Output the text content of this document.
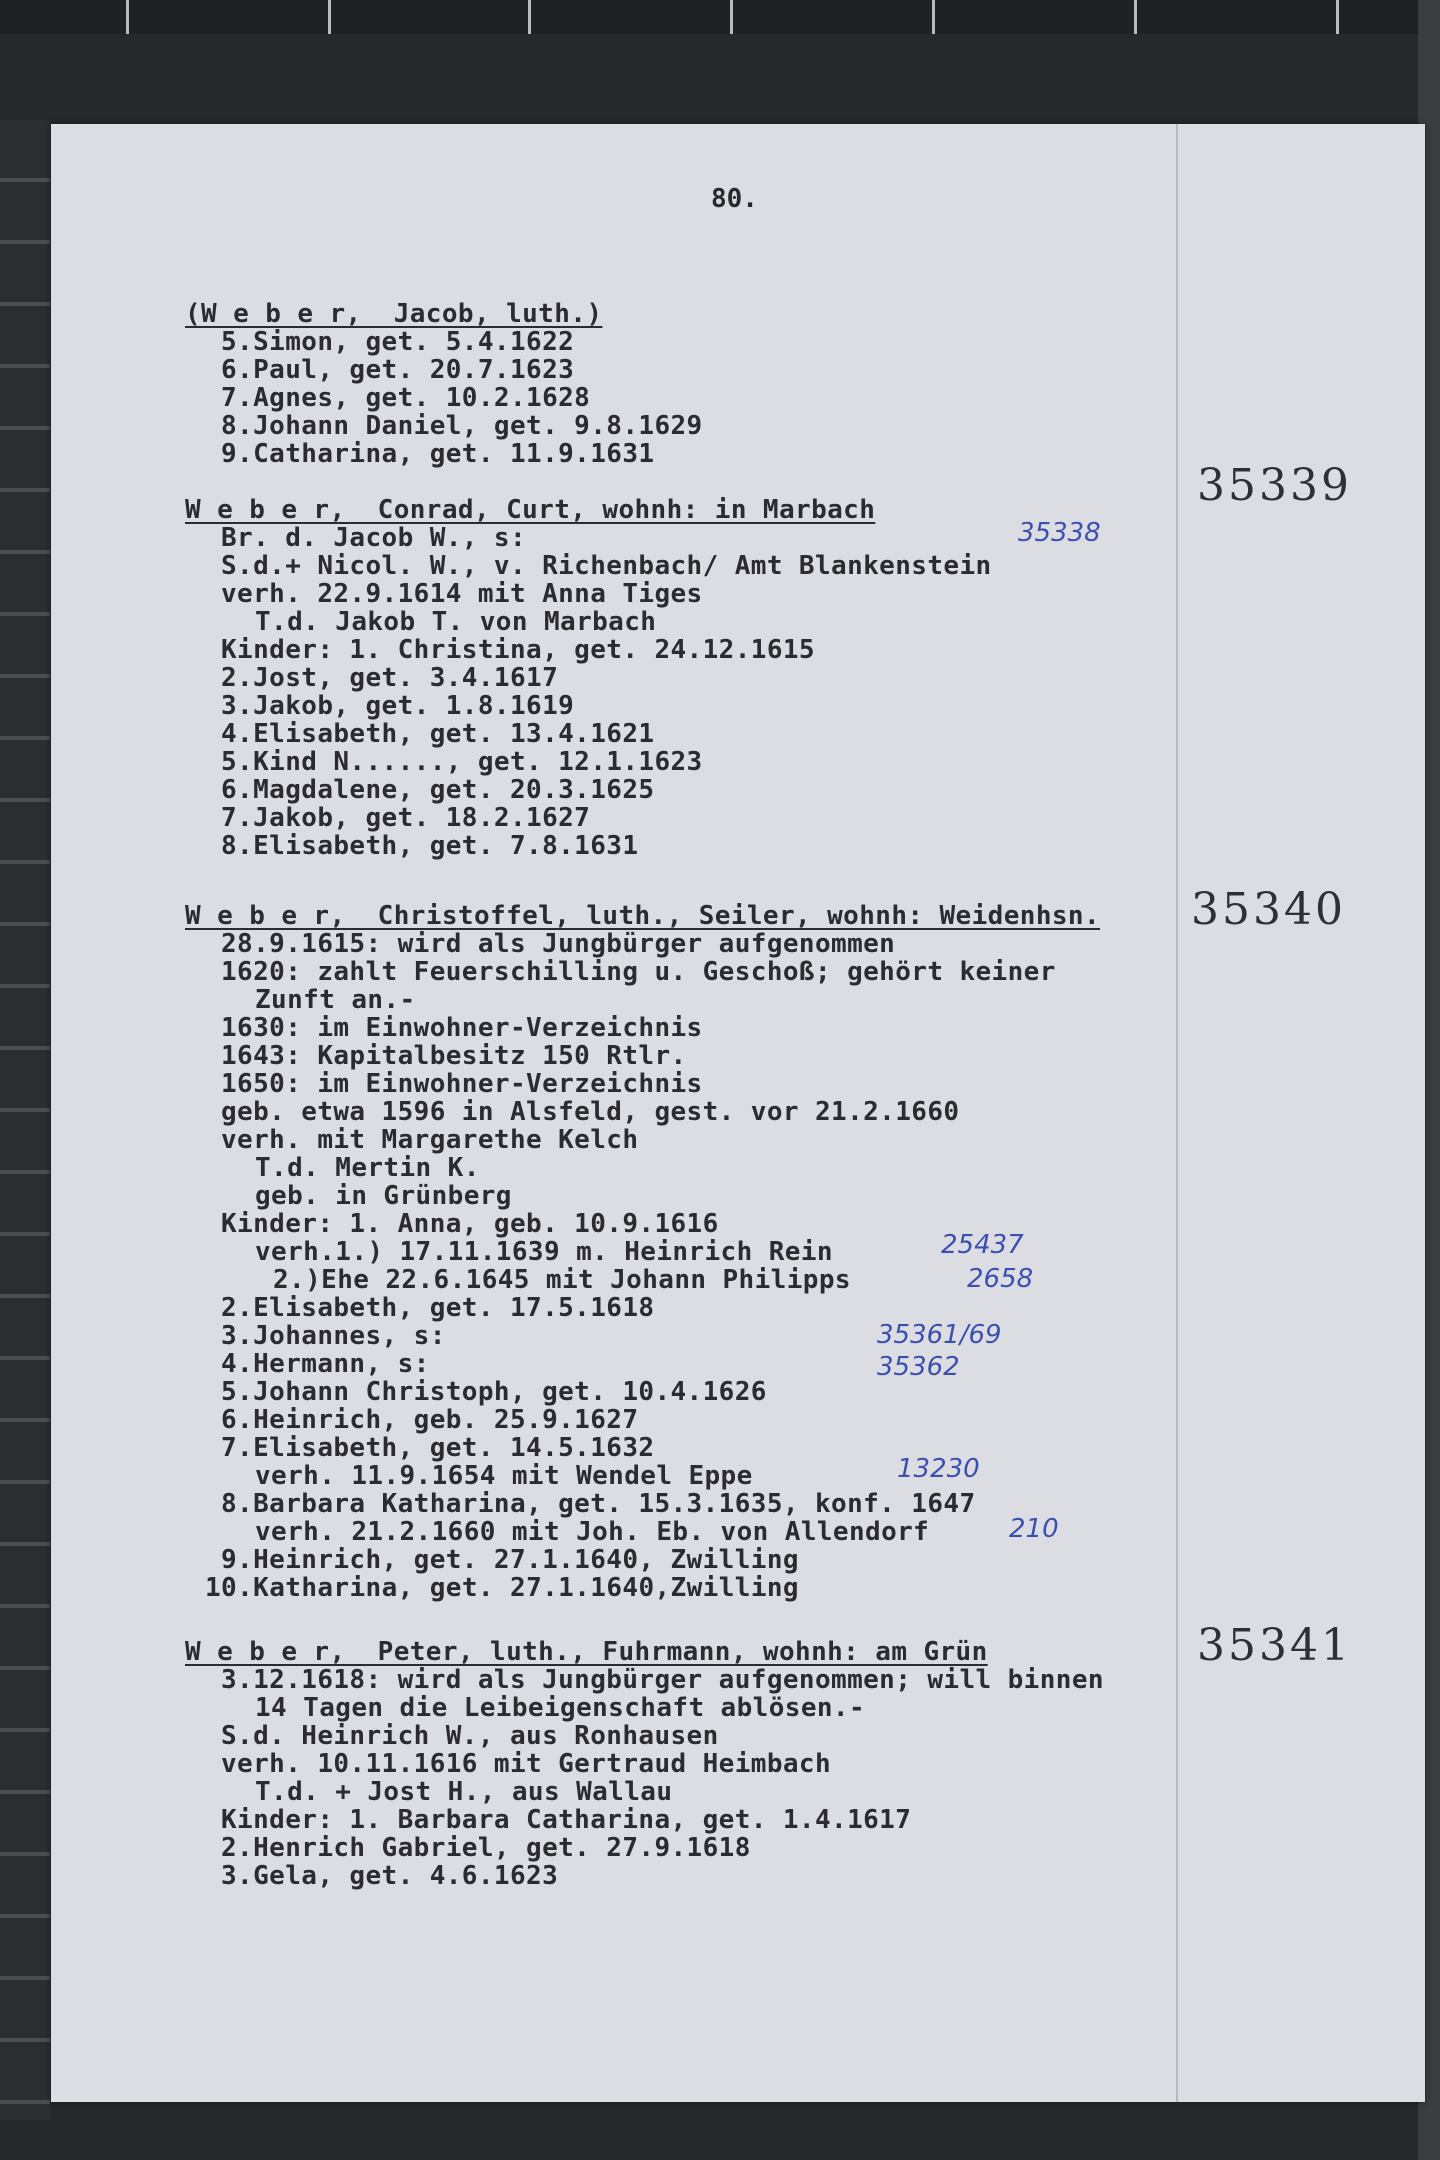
80.
(W e b e r,  Jacob, luth.)
5.Simon, get. 5.4.1622
6.Paul, get. 20.7.1623
7.Agnes, get. 10.2.1628
8.Johann Daniel, get. 9.8.1629
9.Catharina, get. 11.9.1631
35339
W e b e r,  Conrad, Curt, wohnh: in Marbach
Br. d. Jacob W., s:
S.d.+ Nicol. W., v. Richenbach/ Amt Blankenstein
verh. 22.9.1614 mit Anna Tiges
T.d. Jakob T. von Marbach
Kinder: 1. Christina, get. 24.12.1615
2.Jost, get. 3.4.1617
3.Jakob, get. 1.8.1619
4.Elisabeth, get. 13.4.1621
5.Kind N......, get. 12.1.1623
6.Magdalene, get. 20.3.1625
7.Jakob, get. 18.2.1627
8.Elisabeth, get. 7.8.1631
35338
35340
W e b e r,  Christoffel, luth., Seiler, wohnh: Weidenhsn.
28.9.1615: wird als Jungbürger aufgenommen
1620: zahlt Feuerschilling u. Geschoß; gehört keiner
Zunft an.-
1630: im Einwohner-Verzeichnis
1643: Kapitalbesitz 150 Rtlr.
1650: im Einwohner-Verzeichnis
geb. etwa 1596 in Alsfeld, gest. vor 21.2.1660
verh. mit Margarethe Kelch
T.d. Mertin K.
geb. in Grünberg
Kinder: 1. Anna, geb. 10.9.1616
verh.1.) 17.11.1639 m. Heinrich Rein
2.)Ehe 22.6.1645 mit Johann Philipps
2.Elisabeth, get. 17.5.1618
3.Johannes, s:
4.Hermann, s:
5.Johann Christoph, get. 10.4.1626
6.Heinrich, geb. 25.9.1627
7.Elisabeth, get. 14.5.1632
verh. 11.9.1654 mit Wendel Eppe
8.Barbara Katharina, get. 15.3.1635, konf. 1647
verh. 21.2.1660 mit Joh. Eb. von Allendorf
9.Heinrich, get. 27.1.1640, Zwilling
10.Katharina, get. 27.1.1640,Zwilling
25437
2658
35361/69
35362
13230
210
35341
W e b e r,  Peter, luth., Fuhrmann, wohnh: am Grün
3.12.1618: wird als Jungbürger aufgenommen; will binnen
14 Tagen die Leibeigenschaft ablösen.-
S.d. Heinrich W., aus Ronhausen
verh. 10.11.1616 mit Gertraud Heimbach
T.d. + Jost H., aus Wallau
Kinder: 1. Barbara Catharina, get. 1.4.1617
2.Henrich Gabriel, get. 27.9.1618
3.Gela, get. 4.6.1623
